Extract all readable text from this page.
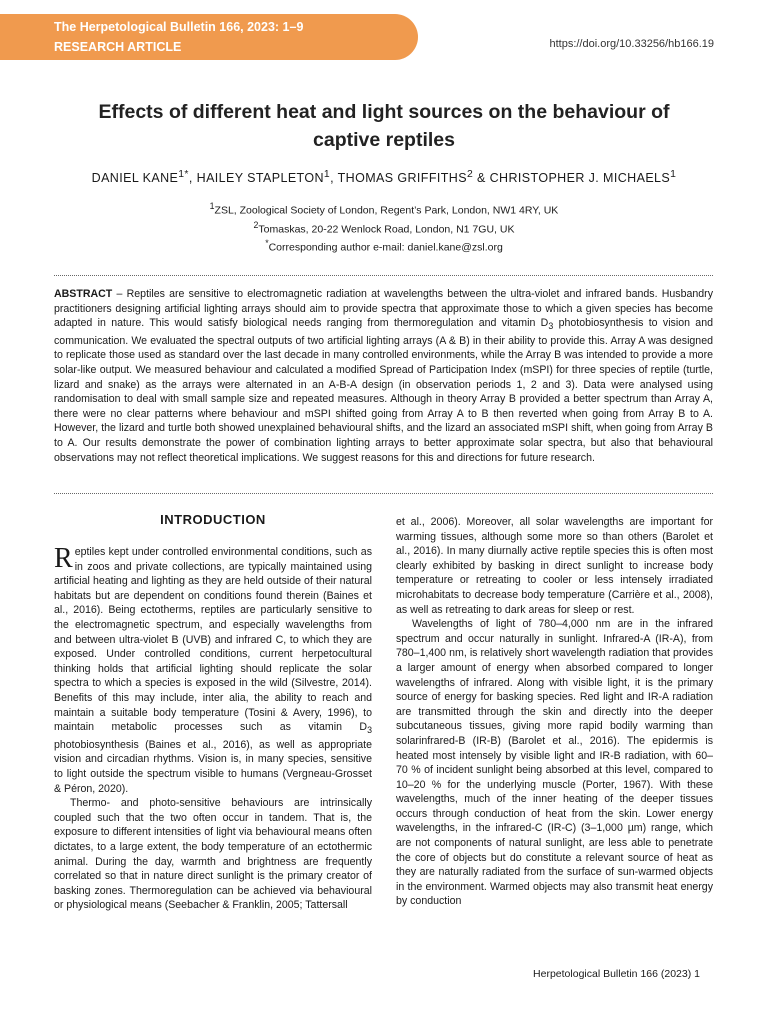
The Herpetological Bulletin 166, 2023: 1–9
RESEARCH ARTICLE	https://doi.org/10.33256/hb166.19
Effects of different heat and light sources on the behaviour of
captive reptiles
DANIEL $KANE^{1*}$, HAILEY STAPLETON$^1$, THOMAS GRIFFITHS$^2$ & CHRISTOPHER J. MICHAELS$^1$
$^1$ZSL, Zoological Society of London, Regent’s Park, London, NW1 4RY, UK
$^2$Tomaskas, 20-22 Wenlock Road, London, N1 7GU, UK
*Corresponding author e-mail: daniel.kane@zsl.org
ABSTRACT – Reptiles are sensitive to electromagnetic radiation at wavelengths between the ultra-violet and infrared bands. Husbandry practitioners designing artificial lighting arrays should aim to provide spectra that approximate those to which a given species has become adapted in nature. This would satisfy biological needs ranging from thermoregulation and vitamin $D_3$ photobiosynthesis to vision and communication. We evaluated the spectral outputs of two artificial lighting arrays (A & B) in their ability to provide this. Array A was designed to replicate those used as standard over the last decade in many controlled environments, while the Array B was intended to provide a more solar-like output. We measured behaviour and calculated a modified Spread of Participation Index (mSPI) for three species of reptile (turtle, lizard and snake) as the arrays were alternated in an A-B-A design (in observation periods 1, 2 and 3). Data were analysed using randomisation to deal with small sample size and repeated measures. Although in theory Array B provided a better spectrum than Array A, there were no clear patterns where behaviour and mSPI shifted going from Array A to B then reverted when going from Array B to A. However, the lizard and turtle both showed unexplained behavioural shifts, and the lizard an associated mSPI shift, when going from Array B to A. Our results demonstrate the power of combination lighting arrays to better approximate solar spectra, but also that behavioural observations may not reflect theoretical implications. We suggest reasons for this and directions for future research.
INTRODUCTION

Reptiles kept under controlled environmental conditions, such as in zoos and private collections, are typically maintained using artificial heating and lighting as they are held outside of their natural habitats but are dependent on conditions found therein (Baines et al., 2016). Being ectotherms, reptiles are particularly sensitive to the electromagnetic spectrum, and especially wavelengths from and between ultra-violet B (UVB) and infrared C, to which they are exposed. Under controlled conditions, current herpetocultural thinking holds that artificial lighting should replicate the solar spectra to which a species is exposed in the wild (Silvestre, 2014). Benefits of this may include, inter alia, the ability to reach and maintain a suitable body temperature (Tosini & Avery, 1996), to maintain metabolic processes such as vitamin $D_3$ photobiosynthesis (Baines et al., 2016), as well as appropriate vision and circadian rhythms. Vision is, in many species, sensitive to light outside the spectrum visible to humans (Vergneau-Grosset & Péron, 2020).

Thermo- and photo-sensitive behaviours are intrinsically coupled such that the two often occur in tandem. That is, the exposure to different intensities of light via behavioural means often dictates, to a large extent, the body temperature of an ectothermic animal. During the day, warmth and brightness are frequently correlated so that in nature direct sunlight is the primary creator of basking zones. Thermoregulation can be achieved via behavioural or physiological means (Seebacher & Franklin, 2005; Tattersall

et al., 2006). Moreover, all solar wavelengths are important for warming tissues, although some more so than others (Barolet et al., 2016). In many diurnally active reptile species this is often most clearly exhibited by basking in direct sunlight to increase body temperature or retreating to cooler or less intensely irradiated microhabitats to decrease body temperature (Carrière et al., 2008), as well as retreating to dark areas for sleep or rest.

Wavelengths of light of 780–4,000 nm are in the infrared spectrum and occur naturally in sunlight. Infrared-A (IR-A), from 780–1,400 nm, is relatively short wavelength radiation that provides a larger amount of energy when absorbed compared to longer wavelengths of infrared. Along with visible light, it is the primary source of energy for basking species. Red light and IR-A radiation are transmitted through the skin and directly into the deeper subcutaneous tissues, giving more rapid bodily warming than solarinfrared-B (IR-B) (Barolet et al., 2016). The epidermis is heated most intensely by visible light and IR-B radiation, with 60–70 % of incident sunlight being absorbed at this level, compared to 10–20 % for the underlying muscle (Porter, 1967). With these wavelengths, much of the inner heating of the deeper tissues occurs through conduction of heat from the skin. Lower energy wavelengths, in the infrared-C (IR-C) (3–1,000 µm) range, which are not components of natural sunlight, are less able to penetrate the core of objects but do constitute a relevant source of heat as they are naturally radiated from the surface of sun-warmed objects in the environment. Warmed objects may also transmit heat energy by conduction

Herpetological Bulletin 166 (2023) 1
